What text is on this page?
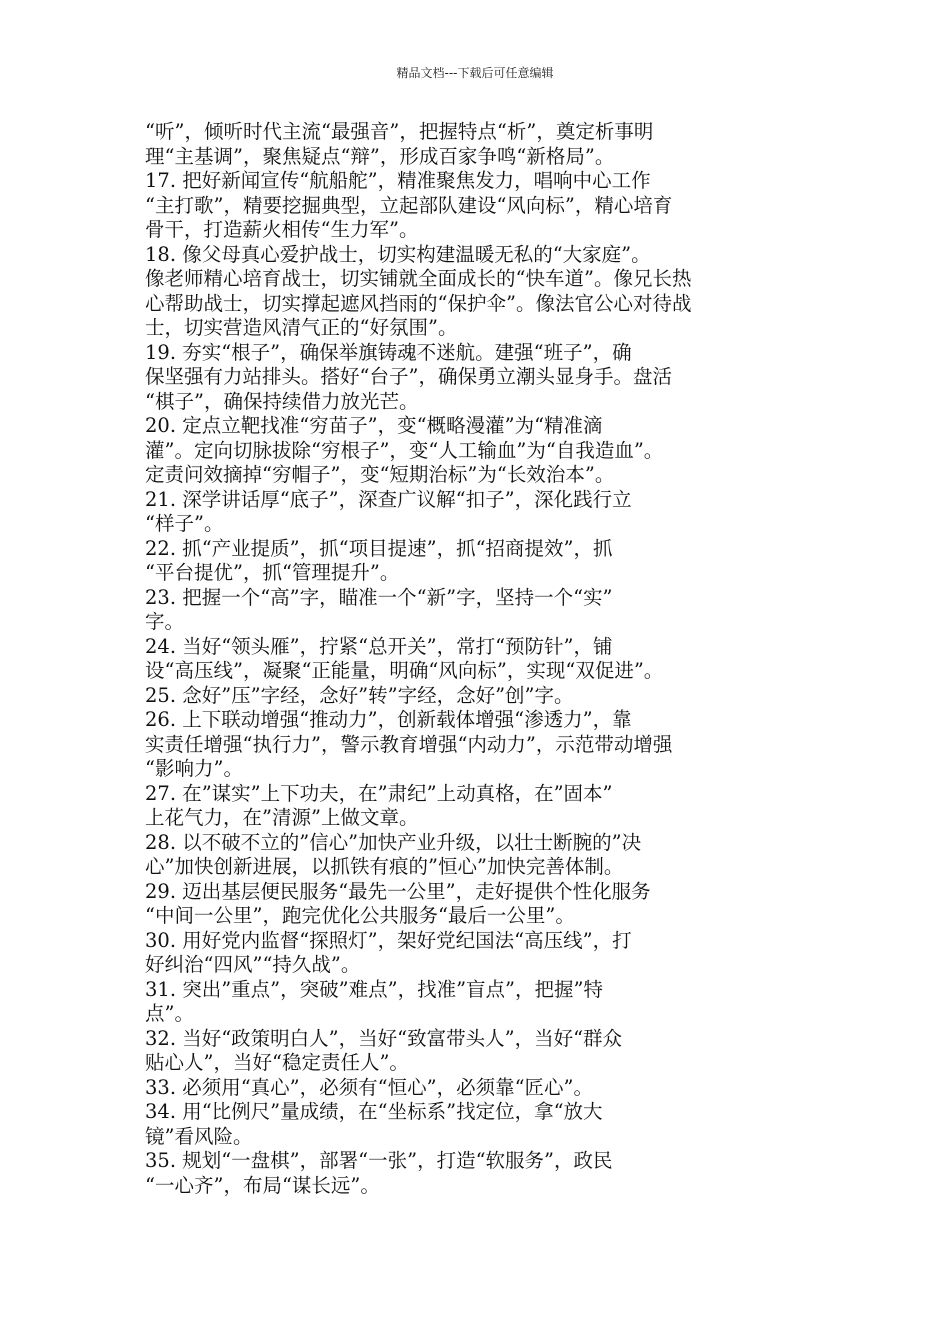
精品文档---下载后可任意编辑
“听”，倾听时代主流“最强音”，把握特点“析”，奠定析事明
理“主基调”，聚焦疑点“辩”，形成百家争鸣“新格局”。
17. 把好新闻宣传“航船舵”，精准聚焦发力，唱响中心工作
“主打歌”，精要挖掘典型，立起部队建设“风向标”，精心培育
骨干，打造薪火相传“生力军”。
18. 像父母真心爱护战士，切实构建温暖无私的“大家庭”。
像老师精心培育战士，切实铺就全面成长的“快车道”。像兄长热
心帮助战士，切实撑起遮风挡雨的“保护伞”。像法官公心对待战
士，切实营造风清气正的“好氛围”。
19. 夯实“根子”，确保举旗铸魂不迷航。建强“班子”，确
保坚强有力站排头。搭好“台子”，确保勇立潮头显身手。盘活
“棋子”，确保持续借力放光芒。
20. 定点立靶找准“穷苗子”，变“概略漫灌”为“精准滴
灌”。定向切脉拔除“穷根子”，变“人工输血”为“自我造血”。
定责问效摘掉“穷帽子”，变“短期治标”为“长效治本”。
21. 深学讲话厚“底子”，深查广议解“扣子”，深化践行立
“样子”。
22. 抓“产业提质”，抓“项目提速”，抓“招商提效”，抓
“平台提优”，抓“管理提升”。
23. 把握一个“高”字，瞄准一个“新”字，坚持一个“实”
字。
24. 当好“领头雁”，拧紧“总开关”，常打“预防针”，铺
设“高压线”，凝聚“正能量，明确“风向标”，实现“双促进”。
25. 念好”压”字经，念好”转”字经，念好”创”字。
26. 上下联动增强“推动力”，创新载体增强“渗透力”，靠
实责任增强“执行力”，警示教育增强“内动力”，示范带动增强
“影响力”。
27. 在”谋实”上下功夫，在”肃纪”上动真格，在”固本”
上花气力，在”清源”上做文章。
28. 以不破不立的”信心”加快产业升级，以壮士断腕的”决
心”加快创新进展，以抓铁有痕的”恒心”加快完善体制。
29. 迈出基层便民服务“最先一公里”，走好提供个性化服务
“中间一公里”，跑完优化公共服务“最后一公里”。
30. 用好党内监督“探照灯”，架好党纪国法“高压线”，打
好纠治“四风”“持久战”。
31. 突出”重点”，突破”难点”，找准”盲点”，把握”特
点”。
32. 当好“政策明白人”，当好“致富带头人”，当好“群众
贴心人”，当好“稳定责任人”。
33. 必须用“真心”，必须有“恒心”，必须靠“匠心”。
34. 用“比例尺”量成绩，在“坐标系”找定位，拿“放大
镜”看风险。
35. 规划“一盘棋”，部署“一张”，打造“软服务”，政民
“一心齐”，布局“谋长远”。
